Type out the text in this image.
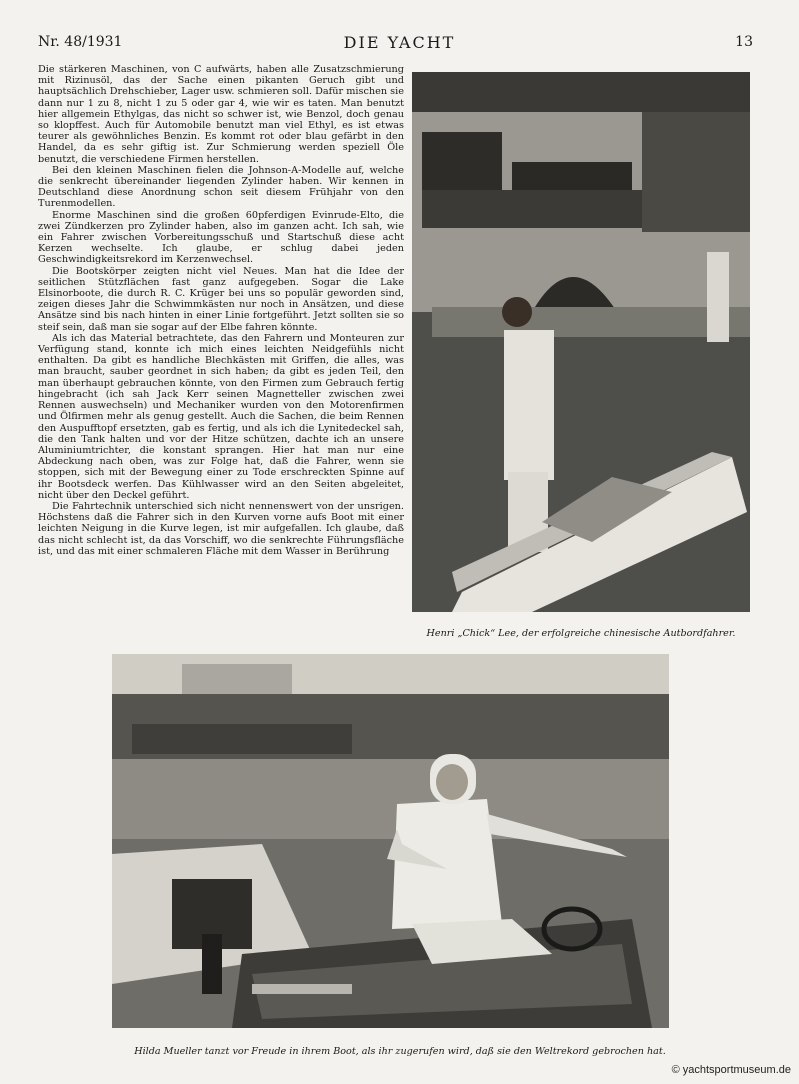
Nr. 48/1931	DIE YACHT	13

Die stärkeren Maschinen, von C aufwärts, haben alle Zusatzschmierung mit Rizinusöl, das der Sache einen pikanten Geruch gibt und hauptsächlich Drehschieber, Lager usw. schmieren soll. Dafür mischen sie dann nur 1 zu 8, nicht 1 zu 5 oder gar 4, wie wir es taten. Man benutzt hier allgemein Ethylgas, das nicht so schwer ist, wie Benzol, doch genau so klopffest. Auch für Automobile benutzt man viel Ethyl, es ist etwas teurer als gewöhnliches Benzin. Es kommt rot oder blau gefärbt in den Handel, da es sehr giftig ist. Zur Schmierung werden speziell Öle benutzt, die verschiedene Firmen herstellen.

Bei den kleinen Maschinen fielen die Johnson-A-Modelle auf, welche die senkrecht übereinander liegenden Zylinder haben. Wir kennen in Deutschland diese Anordnung schon seit diesem Frühjahr von den Turenmodellen.

Enorme Maschinen sind die großen 60pferdigen Evinrude-Elto, die zwei Zündkerzen pro Zylinder haben, also im ganzen acht. Ich sah, wie ein Fahrer zwischen Vorbereitungsschuß und Startschuß diese acht Kerzen wechselte. Ich glaube, er schlug dabei jeden Geschwindigkeitsrekord im Kerzenwechsel.

Die Bootskörper zeigten nicht viel Neues. Man hat die Idee der seitlichen Stützflächen fast ganz aufgegeben. Sogar die Lake Elsinorboote, die durch R. C. Krüger bei uns so populär geworden sind, zeigen dieses Jahr die Schwimmkästen nur noch in Ansätzen, und diese Ansätze sind bis nach hinten in einer Linie fortgeführt. Jetzt sollten sie so steif sein, daß man sie sogar auf der Elbe fahren könnte.

Als ich das Material betrachtete, das den Fahrern und Monteuren zur Verfügung stand, konnte ich mich eines leichten Neidgefühls nicht enthalten. Da gibt es handliche Blechkästen mit Griffen, die alles, was man braucht, sauber geordnet in sich haben; da gibt es jeden Teil, den man überhaupt gebrauchen könnte, von den Firmen zum Gebrauch fertig hingebracht (ich sah Jack Kerr seinen Magnetteller zwischen zwei Rennen auswechseln) und Mechaniker wurden von den Motorenfirmen und Ölfirmen mehr als genug gestellt. Auch die Sachen, die beim Rennen den Auspufftopf ersetzten, gab es fertig, und als ich die Lynitedeckel sah, die den Tank halten und vor der Hitze schützen, dachte ich an unsere Aluminiumtrichter, die konstant sprangen. Hier hat man nur eine Abdeckung nach oben, was zur Folge hat, daß die Fahrer, wenn sie stoppen, sich mit der Bewegung einer zu Tode erschreckten Spinne auf ihr Bootsdeck werfen. Das Kühlwasser wird an den Seiten abgeleitet, nicht über den Deckel geführt.

Die Fahrtechnik unterschied sich nicht nennenswert von der unsrigen. Höchstens daß die Fahrer sich in den Kurven vorne aufs Boot mit einer leichten Neigung in die Kurve legen, ist mir aufgefallen. Ich glaube, daß das nicht schlecht ist, da das Vorschiff, wo die senkrechte Führungsfläche ist, und das mit einer schmaleren Fläche mit dem Wasser in Berührung

Henri „Chick“ Lee, der erfolgreiche chinesische Autbordfahrer.
Hilda Mueller tanzt vor Freude in ihrem Boot, als ihr zugerufen wird, daß sie den Weltrekord gebrochen hat.
© yachtsportmuseum.de
